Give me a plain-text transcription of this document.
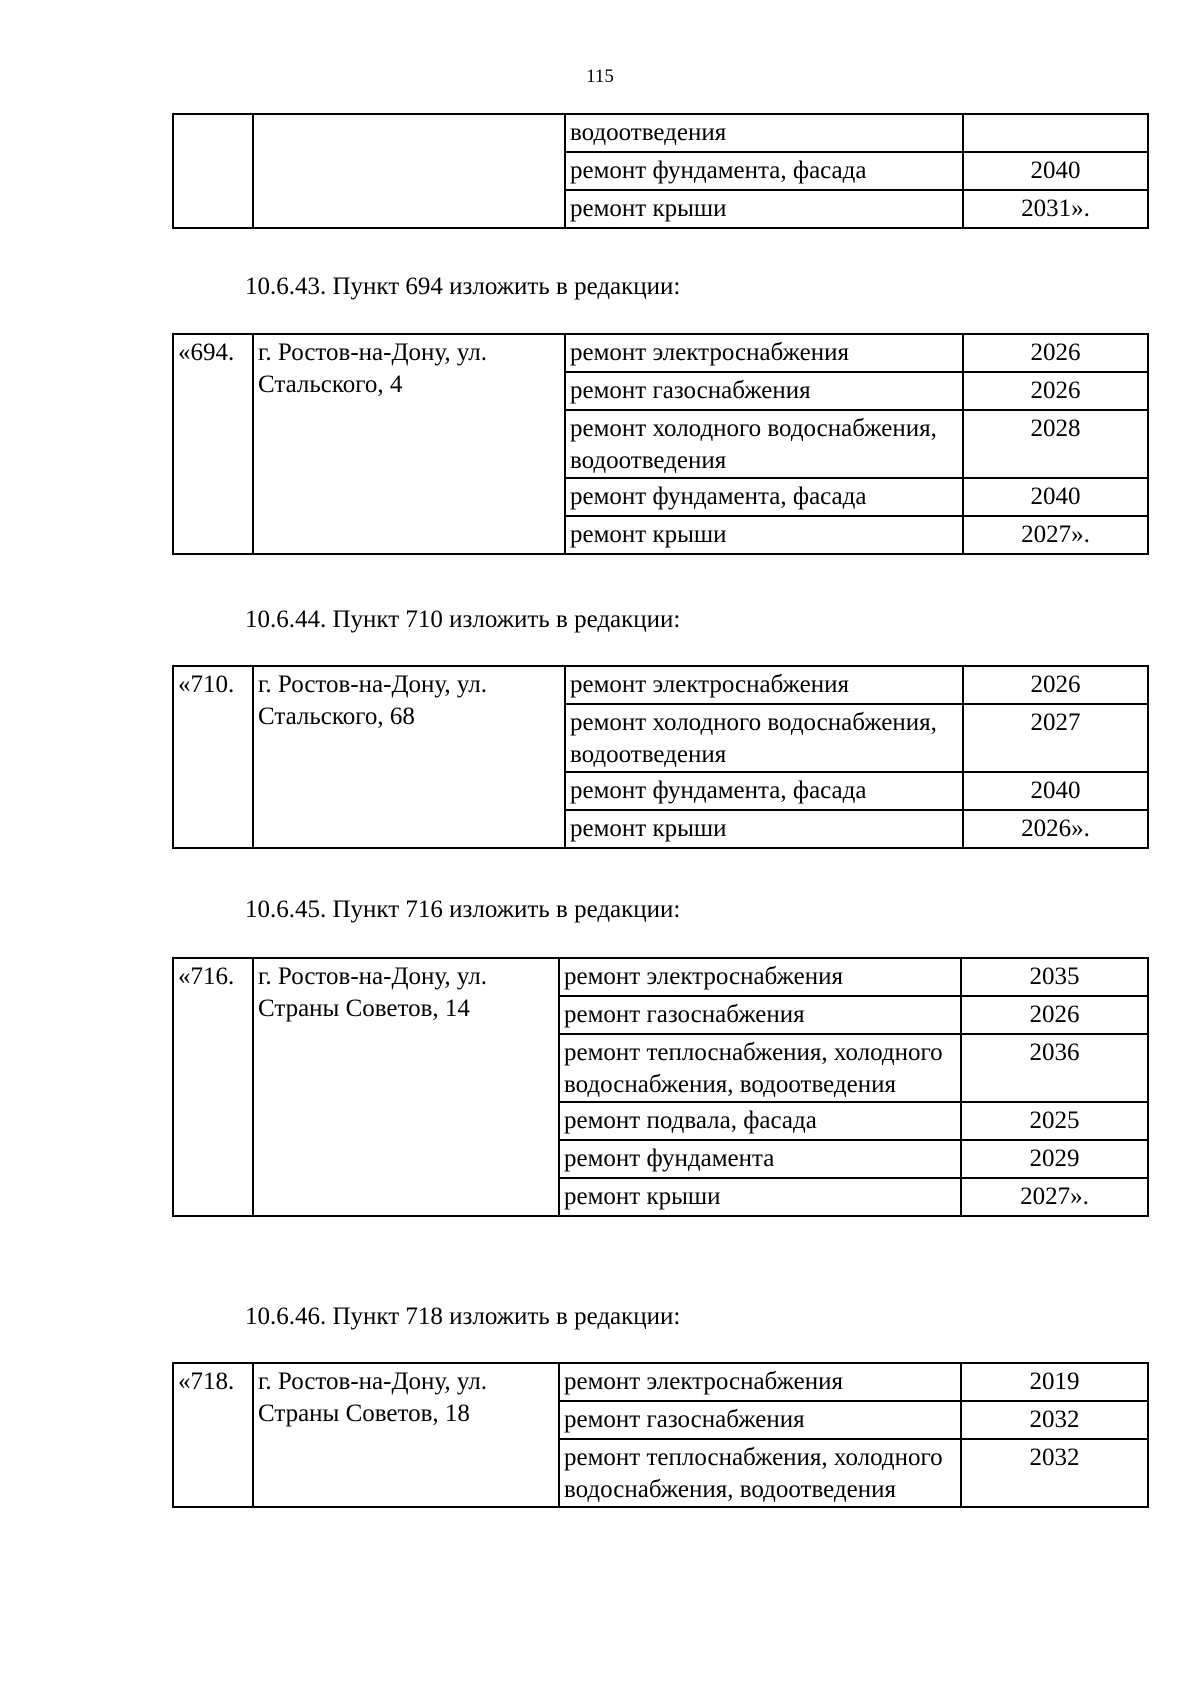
115
		водоотведения	
		ремонт фундамента, фасада	2040
		ремонт крыши	2031».
10.6.43. Пункт 694 изложить в редакции:
«694.	г. Ростов-на-Дону, ул. Стальского, 4	ремонт электроснабжения	2026
		ремонт газоснабжения	2026
		ремонт холодного водоснабжения, водоотведения	2028
		ремонт фундамента, фасада	2040
		ремонт крыши	2027».
10.6.44. Пункт 710 изложить в редакции:
«710.	г. Ростов-на-Дону, ул. Стальского, 68	ремонт электроснабжения	2026
		ремонт холодного водоснабжения, водоотведения	2027
		ремонт фундамента, фасада	2040
		ремонт крыши	2026».
10.6.45. Пункт 716 изложить в редакции:
«716.	г. Ростов-на-Дону, ул. Страны Советов, 14	ремонт электроснабжения	2035
		ремонт газоснабжения	2026
		ремонт теплоснабжения, холодного водоснабжения, водоотведения	2036
		ремонт подвала, фасада	2025
		ремонт фундамента	2029
		ремонт крыши	2027».
10.6.46. Пункт 718 изложить в редакции:
«718.	г. Ростов-на-Дону, ул. Страны Советов, 18	ремонт электроснабжения	2019
		ремонт газоснабжения	2032
		ремонт теплоснабжения, холодного водоснабжения, водоотведения	2032
